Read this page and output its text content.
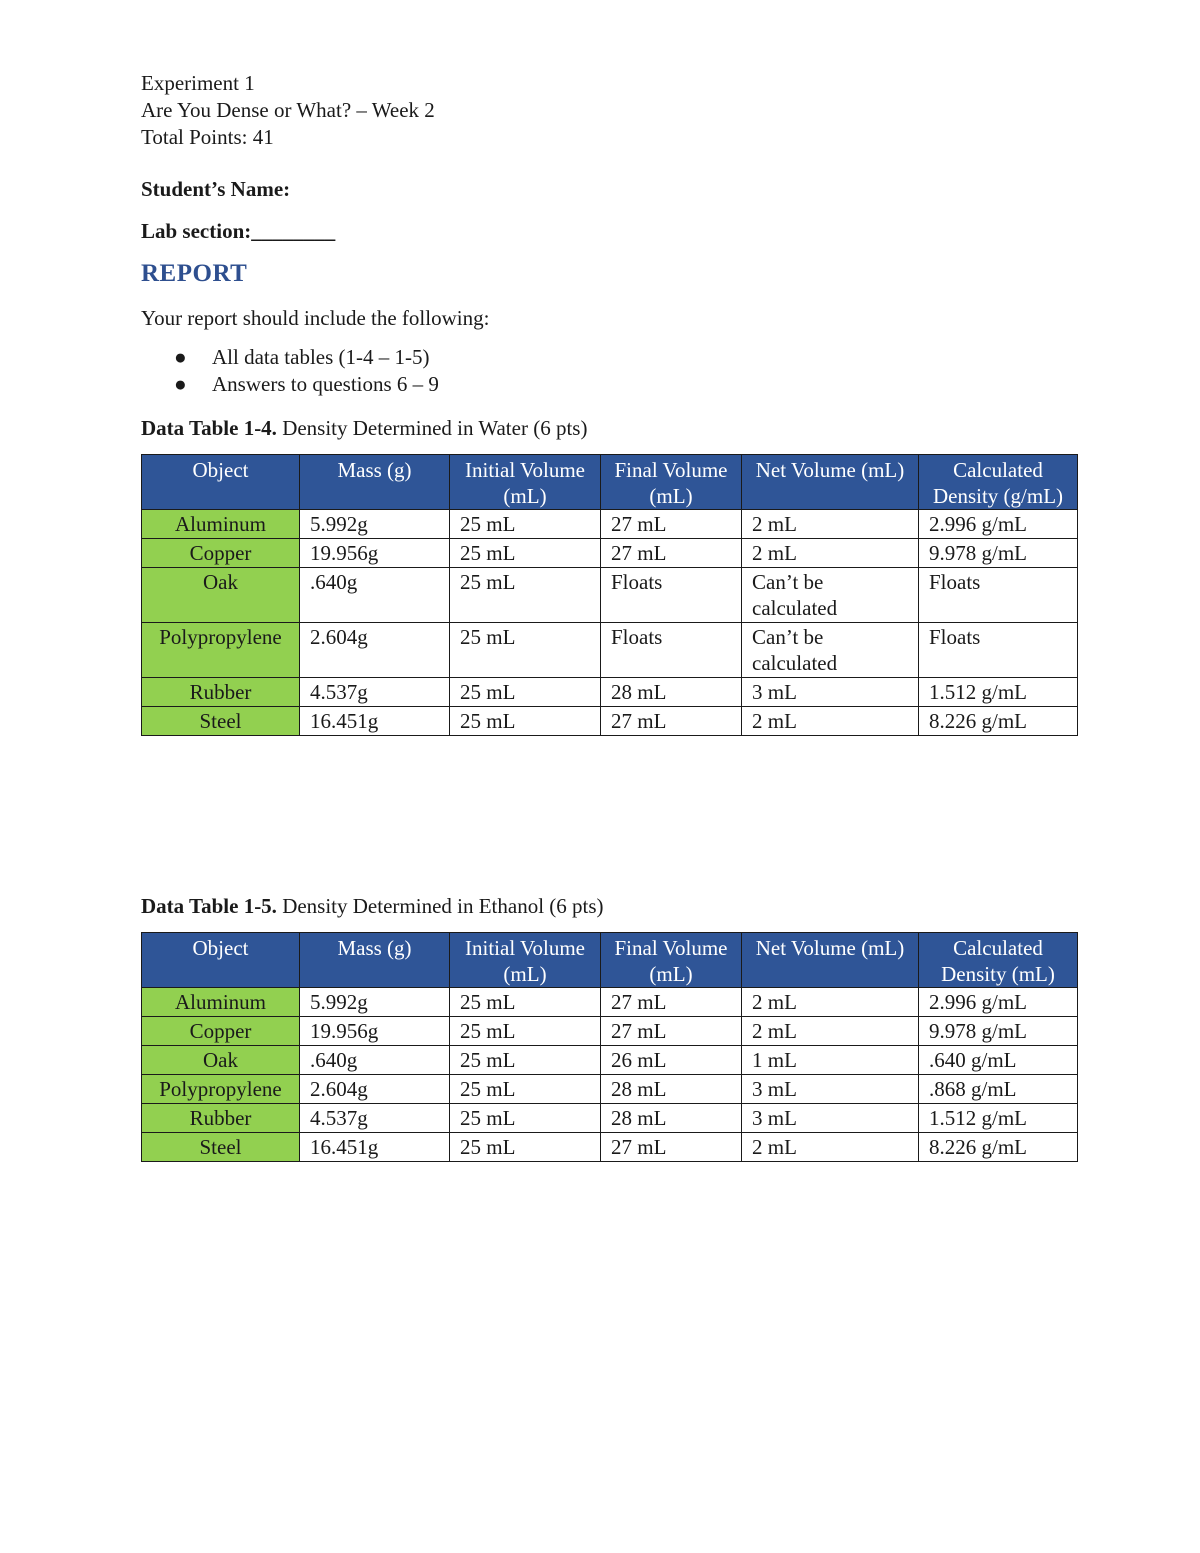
Experiment 1

Are You Dense or What? – Week 2

Total Points: 41

Student’s Name:

Lab section:________

REPORT

Your report should include the following:

● All data tables (1-4 – 1-5)
● Answers to questions 6 – 9

Data Table 1-4. Density Determined in Water (6 pts)

Object	Mass (g)	Initial Volume (mL)	Final Volume (mL)	Net Volume (mL)	Calculated Density (g/mL)
Aluminum	5.992g	25 mL	27 mL	2 mL	2.996 g/mL
Copper	19.956g	25 mL	27 mL	2 mL	9.978 g/mL
Oak	.640g	25 mL	Floats	Can’t be calculated	Floats
Polypropylene	2.604g	25 mL	Floats	Can’t be calculated	Floats
Rubber	4.537g	25 mL	28 mL	3 mL	1.512 g/mL
Steel	16.451g	25 mL	27 mL	2 mL	8.226 g/mL

Data Table 1-5. Density Determined in Ethanol (6 pts)

Object	Mass (g)	Initial Volume (mL)	Final Volume (mL)	Net Volume (mL)	Calculated Density (mL)
Aluminum	5.992g	25 mL	27 mL	2 mL	2.996 g/mL
Copper	19.956g	25 mL	27 mL	2 mL	9.978 g/mL
Oak	.640g	25 mL	26 mL	1 mL	.640 g/mL
Polypropylene	2.604g	25 mL	28 mL	3 mL	.868 g/mL
Rubber	4.537g	25 mL	28 mL	3 mL	1.512 g/mL
Steel	16.451g	25 mL	27 mL	2 mL	8.226 g/mL
